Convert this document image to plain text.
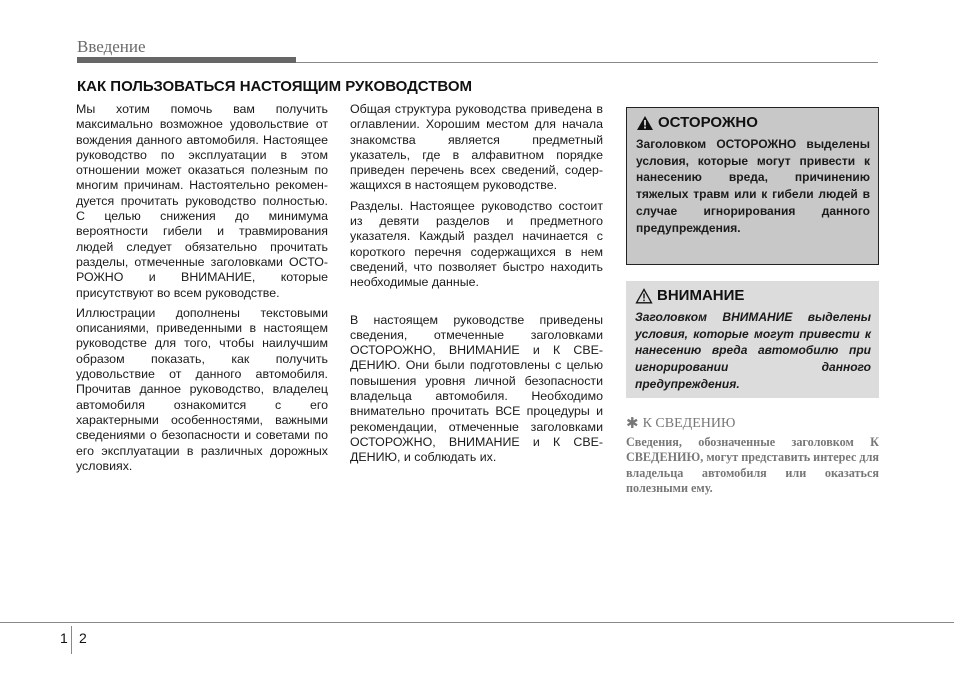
Введение
КАК ПОЛЬЗОВАТЬСЯ НАСТОЯЩИМ РУКОВОДСТВОМ

Мы хотим помочь вам получить максимально возможное удовольствие от вождения данного автомобиля. Настоящее руководство по эксплуатации в этом отношении может оказаться полезным по многим причинам. Настоятельно рекомендуется прочитать руководство полностью. С целью снижения до минимума вероятности гибели и травмирования людей следует обязательно прочитать разделы, отмеченные заголовками ОСТОРОЖНО и ВНИМАНИЕ, которые присутствуют во всем руководстве.

Иллюстрации дополнены текстовыми описаниями, приведенными в настоящем руководстве для того, чтобы наилучшим образом показать, как получить удовольствие от данного автомобиля. Прочитав данное руководство, владелец автомобиля ознакомится с его характерными особенностями, важными сведениями о безопасности и советами по его эксплуатации в различных дорожных условиях.

Общая структура руководства приведена в оглавлении. Хорошим местом для начала знакомства является предметный указатель, где в алфавитном порядке приведен перечень всех сведений, содержащихся в настоящем руководстве.

Разделы. Настоящее руководство состоит из девяти разделов и предметного указателя. Каждый раздел начинается с короткого перечня содержащихся в нем сведений, что позволяет быстро находить необходимые данные.

В настоящем руководстве приведены сведения, отмеченные заголовками ОСТОРОЖНО, ВНИМАНИЕ и К СВЕДЕНИЮ. Они были подготовлены с целью повышения уровня личной безопасности владельца автомобиля. Необходимо внимательно прочитать ВСЕ процедуры и рекомендации, отмеченные заголовками ОСТОРОЖНО, ВНИМАНИЕ и К СВЕДЕНИЮ, и соблюдать их.

ОСТОРОЖНО
Заголовком ОСТОРОЖНО выделены условия, которые могут привести к нанесению вреда, причинению тяжелых травм или к гибели людей в случае игнорирования данного предупреждения.
ВНИМАНИЕ
Заголовком ВНИМАНИЕ выделены условия, которые могут привести к нанесению вреда автомобилю при игнорировании данного предупреждения.
✱ К СВЕДЕНИЮ
Сведения, обозначенные заголовком К СВЕДЕНИЮ, могут представить интерес для владельца автомобиля или оказаться полезными ему.
1 2
